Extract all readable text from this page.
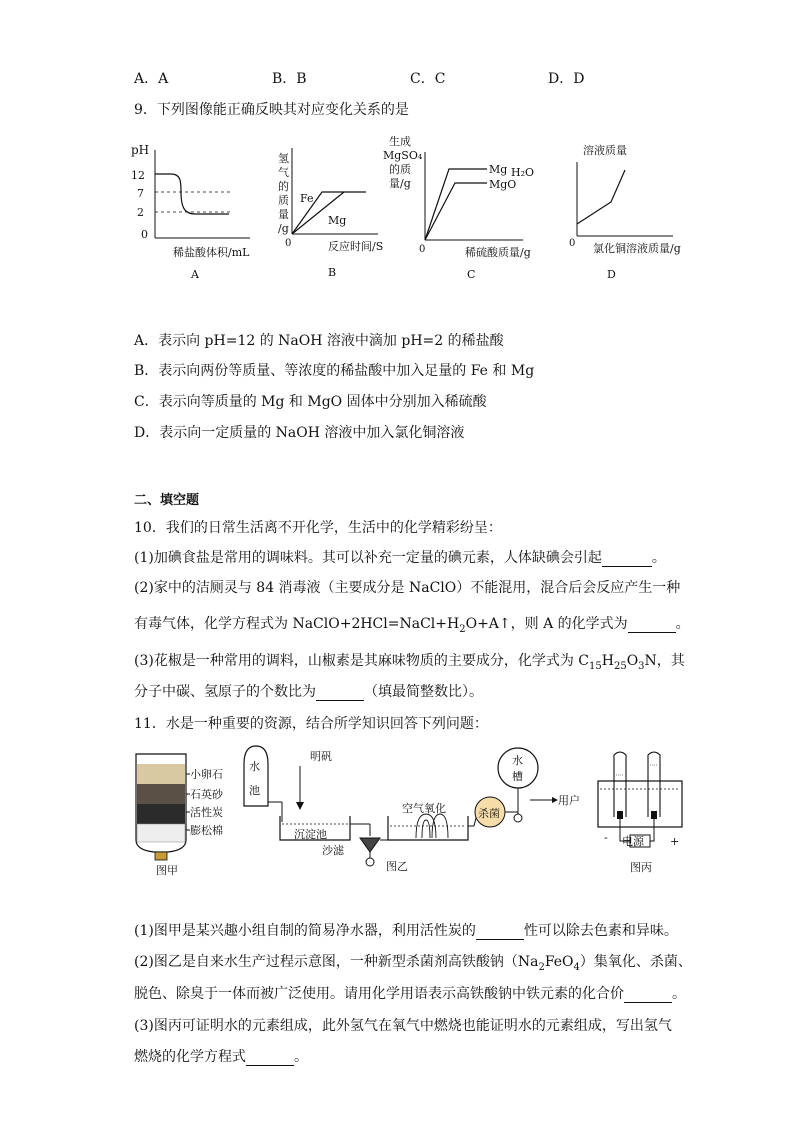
A．A	B．B	C．C	D．D
9．下列图像能正确反映其对应变化关系的是
pH
12
7
2
0
稀盐酸体积/mL
A
氢 气 的 质 量 /g
0
Fe
Mg
反应时间/S
B
生成 MgSO₄ 的质 量/g
0
Mg H₂O
MgO
稀硫酸质量/g
C
溶液质量
0 氯化铜溶液质量/g
D
A．表示向 pH=12 的 NaOH 溶液中滴加 pH=2 的稀盐酸
B．表示向两份等质量、等浓度的稀盐酸中加入足量的 Fe 和 Mg
C．表示向等质量的 Mg 和 MgO 固体中分别加入稀硫酸
D．表示向一定质量的 NaOH 溶液中加入氯化铜溶液
二、填空题
10．我们的日常生活离不开化学，生活中的化学精彩纷呈：
(1)加碘食盐是常用的调味料。其可以补充一定量的碘元素，人体缺碘会引起	。
(2)家中的洁厕灵与 84 消毒液（主要成分是 NaClO）不能混用，混合后会反应产生一种
有毒气体，化学方程式为 $NaClO+2HCl=NaCl+H_2O+A↑$，则 A 的化学式为	。
(3)花椒是一种常用的调料，山椒素是其麻味物质的主要成分，化学式为 $C_{15}H_{25}O_3N$，其
分子中碳、氢原子的个数比为	（填最简整数比）。
11．水是一种重要的资源，结合所学知识回答下列问题：
小卵石
石英砂
活性炭
膨松棉
图甲
水
池
明矾
沉淀池
沙滤
空气氧化	杀菌
水
槽
用户
图乙
电源
-	+
图丙
(1)图甲是某兴趣小组自制的简易净水器，利用活性炭的	性可以除去色素和异味。
(2)图乙是自来水生产过程示意图，一种新型杀菌剂高铁酸钠$(Na_2FeO_4)$集氧化、杀菌、
脱色、除臭于一体而被广泛使用。请用化学用语表示高铁酸钠中铁元素的化合价	。
(3)图丙可证明水的元素组成，此外氢气在氧气中燃烧也能证明水的元素组成，写出氢气
燃烧的化学方程式	。
